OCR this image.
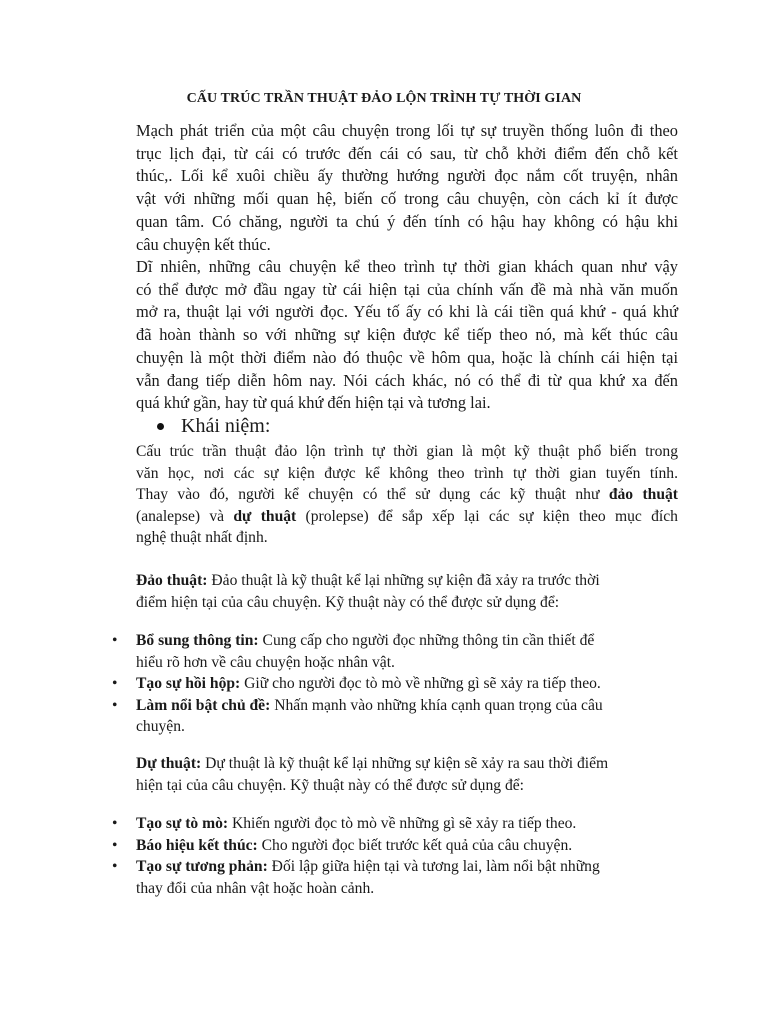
CẤU TRÚC TRẦN THUẬT ĐẢO LỘN TRÌNH TỰ THỜI GIAN
Mạch phát triển của một câu chuyện trong lối tự sự truyền thống luôn đi theo
trục lịch đại, từ cái có trước đến cái có sau, từ chỗ khởi điểm đến chỗ kết
thúc,. Lối kể xuôi chiều ấy thường hướng người đọc nắm cốt truyện, nhân
vật với những mối quan hệ, biến cố trong câu chuyện, còn cách kỉ ít được
quan tâm. Có chăng, người ta chú ý đến tính có hậu hay không có hậu khi
câu chuyện kết thúc.
Dĩ nhiên, những câu chuyện kể theo trình tự thời gian khách quan như vậy
có thể được mở đầu ngay từ cái hiện tại của chính vấn đề mà nhà văn muốn
mở ra, thuật lại với người đọc. Yếu tố ấy có khi là cái tiền quá khứ - quá khứ
đã hoàn thành so với những sự kiện được kể tiếp theo nó, mà kết thúc câu
chuyện là một thời điểm nào đó thuộc về hôm qua, hoặc là chính cái hiện tại
vẫn đang tiếp diễn hôm nay. Nói cách khác, nó có thể đi từ qua khứ xa đến
quá khứ gần, hay từ quá khứ đến hiện tại và tương lai.
Khái niệm:
Cấu trúc trần thuật đảo lộn trình tự thời gian là một kỹ thuật phổ biến trong
văn học, nơi các sự kiện được kể không theo trình tự thời gian tuyến tính.
Thay vào đó, người kể chuyện có thể sử dụng các kỹ thuật như đảo thuật
(analepse) và dự thuật (prolepse) để sắp xếp lại các sự kiện theo mục đích
nghệ thuật nhất định.
Đảo thuật: Đảo thuật là kỹ thuật kể lại những sự kiện đã xảy ra trước thời
điểm hiện tại của câu chuyện. Kỹ thuật này có thể được sử dụng để:
• Bổ sung thông tin: Cung cấp cho người đọc những thông tin cần thiết để
hiểu rõ hơn về câu chuyện hoặc nhân vật.
• Tạo sự hồi hộp: Giữ cho người đọc tò mò về những gì sẽ xảy ra tiếp theo.
• Làm nổi bật chủ đề: Nhấn mạnh vào những khía cạnh quan trọng của câu
chuyện.
Dự thuật: Dự thuật là kỹ thuật kể lại những sự kiện sẽ xảy ra sau thời điểm
hiện tại của câu chuyện. Kỹ thuật này có thể được sử dụng để:
• Tạo sự tò mò: Khiến người đọc tò mò về những gì sẽ xảy ra tiếp theo.
• Báo hiệu kết thúc: Cho người đọc biết trước kết quả của câu chuyện.
• Tạo sự tương phản: Đối lập giữa hiện tại và tương lai, làm nổi bật những
thay đổi của nhân vật hoặc hoàn cảnh.
